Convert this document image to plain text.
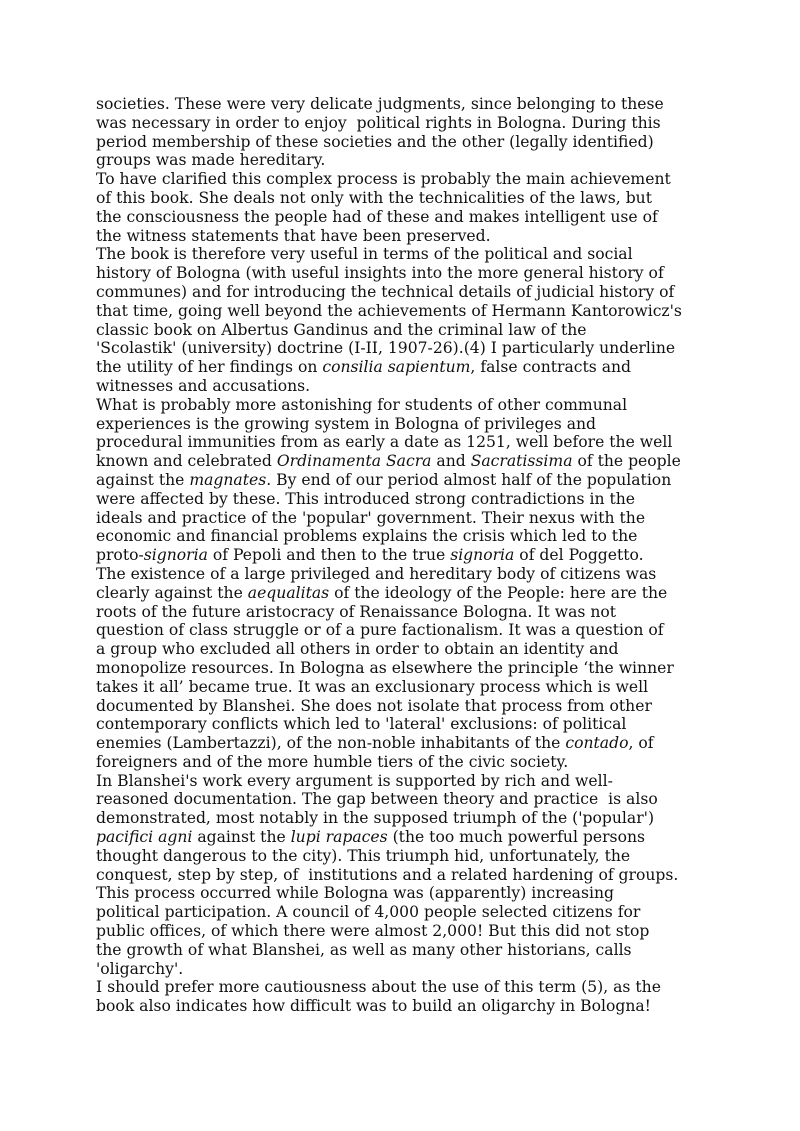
societies. These were very delicate judgments, since belonging to these
was necessary in order to enjoy  political rights in Bologna. During this
period membership of these societies and the other (legally identified)
groups was made hereditary.
To have clarified this complex process is probably the main achievement
of this book. She deals not only with the technicalities of the laws, but
the consciousness the people had of these and makes intelligent use of
the witness statements that have been preserved.
The book is therefore very useful in terms of the political and social
history of Bologna (with useful insights into the more general history of
communes) and for introducing the technical details of judicial history of
that time, going well beyond the achievements of Hermann Kantorowicz's
classic book on Albertus Gandinus and the criminal law of the
'Scolastik' (university) doctrine (I-II, 1907-26).(4) I particularly underline
the utility of her findings on consilia sapientum, false contracts and
witnesses and accusations.
What is probably more astonishing for students of other communal
experiences is the growing system in Bologna of privileges and
procedural immunities from as early a date as 1251, well before the well
known and celebrated Ordinamenta Sacra and Sacratissima of the people
against the magnates. By end of our period almost half of the population
were affected by these. This introduced strong contradictions in the
ideals and practice of the 'popular' government. Their nexus with the
economic and financial problems explains the crisis which led to the
proto-signoria of Pepoli and then to the true signoria of del Poggetto.
The existence of a large privileged and hereditary body of citizens was
clearly against the aequalitas of the ideology of the People: here are the
roots of the future aristocracy of Renaissance Bologna. It was not
question of class struggle or of a pure factionalism. It was a question of
a group who excluded all others in order to obtain an identity and
monopolize resources. In Bologna as elsewhere the principle ‘the winner
takes it all’ became true. It was an exclusionary process which is well
documented by Blanshei. She does not isolate that process from other
contemporary conflicts which led to 'lateral' exclusions: of political
enemies (Lambertazzi), of the non-noble inhabitants of the contado, of
foreigners and of the more humble tiers of the civic society.
In Blanshei's work every argument is supported by rich and well-
reasoned documentation. The gap between theory and practice  is also
demonstrated, most notably in the supposed triumph of the ('popular')
pacifici agni against the lupi rapaces (the too much powerful persons
thought dangerous to the city). This triumph hid, unfortunately, the
conquest, step by step, of  institutions and a related hardening of groups.
This process occurred while Bologna was (apparently) increasing
political participation. A council of 4,000 people selected citizens for
public offices, of which there were almost 2,000! But this did not stop
the growth of what Blanshei, as well as many other historians, calls
'oligarchy'.
I should prefer more cautiousness about the use of this term (5), as the
book also indicates how difficult was to build an oligarchy in Bologna!
